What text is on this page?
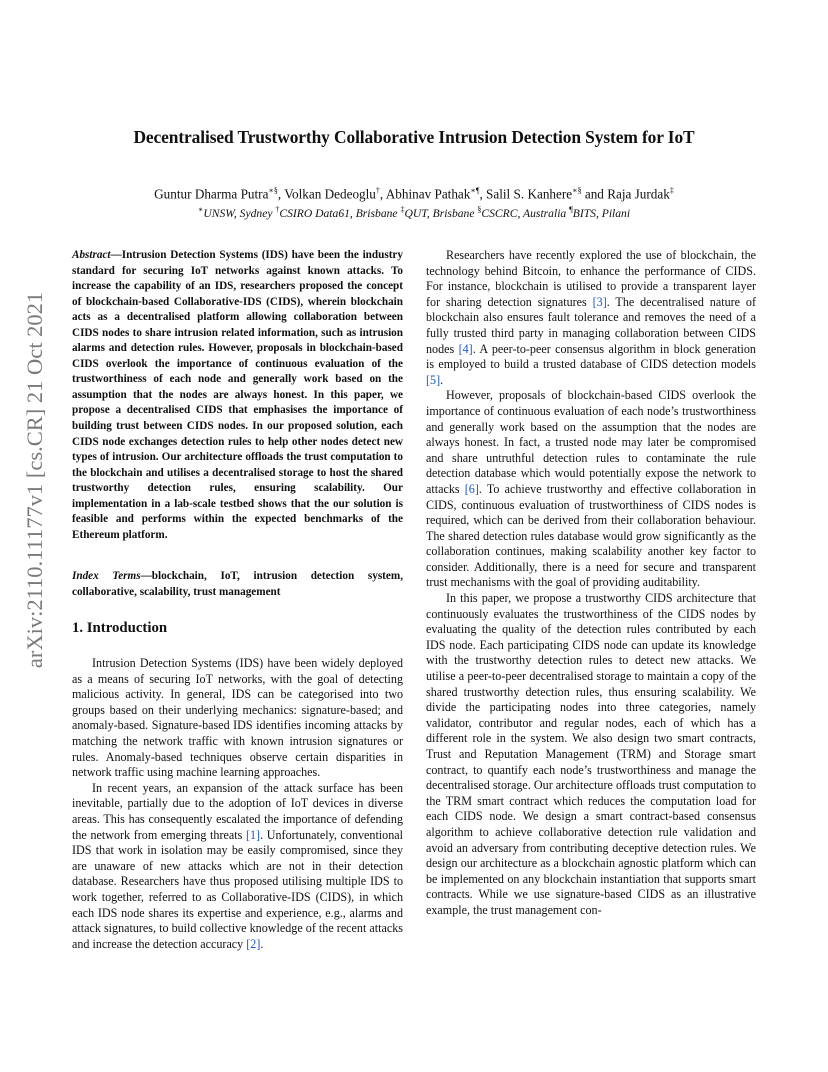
arXiv:2110.11177v1 [cs.CR] 21 Oct 2021
Decentralised Trustworthy Collaborative Intrusion Detection System for IoT
Guntur Dharma Putra∗§, Volkan Dedeoglu†, Abhinav Pathak∗¶, Salil S. Kanhere∗§ and Raja Jurdak‡
∗UNSW, Sydney †CSIRO Data61, Brisbane ‡QUT, Brisbane §CSCRC, Australia ¶BITS, Pilani
Abstract—Intrusion Detection Systems (IDS) have been the industry standard for securing IoT networks against known attacks. To increase the capability of an IDS, researchers proposed the concept of blockchain-based Collaborative-IDS (CIDS), wherein blockchain acts as a decentralised platform allowing collaboration between CIDS nodes to share intrusion related information, such as intrusion alarms and detection rules. However, proposals in blockchain-based CIDS overlook the importance of continuous evaluation of the trustworthiness of each node and generally work based on the assumption that the nodes are always honest. In this paper, we propose a decentralised CIDS that emphasises the importance of building trust between CIDS nodes. In our proposed solution, each CIDS node exchanges detection rules to help other nodes detect new types of intrusion. Our architecture offloads the trust computation to the blockchain and utilises a decentralised storage to host the shared trustworthy detection rules, ensuring scalability. Our implementation in a lab-scale testbed shows that the our solution is feasible and performs within the expected benchmarks of the Ethereum platform.
Index Terms—blockchain, IoT, intrusion detection system, collaborative, scalability, trust management
1. Introduction

Intrusion Detection Systems (IDS) have been widely deployed as a means of securing IoT networks, with the goal of detecting malicious activity. In general, IDS can be categorised into two groups based on their underlying mechanics: signature-based; and anomaly-based. Signature-based IDS identifies incoming attacks by matching the network traffic with known intrusion signatures or rules. Anomaly-based techniques observe certain disparities in network traffic using machine learning approaches.

In recent years, an expansion of the attack surface has been inevitable, partially due to the adoption of IoT devices in diverse areas. This has consequently escalated the importance of defending the network from emerging threats [1]. Unfortunately, conventional IDS that work in isolation may be easily compromised, since they are unaware of new attacks which are not in their detection database. Researchers have thus proposed utilising multiple IDS to work together, referred to as Collaborative-IDS (CIDS), in which each IDS node shares its expertise and experience, e.g., alarms and attack signatures, to build collective knowledge of the recent attacks and increase the detection accuracy [2].

Researchers have recently explored the use of blockchain, the technology behind Bitcoin, to enhance the performance of CIDS. For instance, blockchain is utilised to provide a transparent layer for sharing detection signatures [3]. The decentralised nature of blockchain also ensures fault tolerance and removes the need of a fully trusted third party in managing collaboration between CIDS nodes [4]. A peer-to-peer consensus algorithm in block generation is employed to build a trusted database of CIDS detection models [5].

However, proposals of blockchain-based CIDS overlook the importance of continuous evaluation of each node’s trustworthiness and generally work based on the assumption that the nodes are always honest. In fact, a trusted node may later be compromised and share untruthful detection rules to contaminate the rule detection database which would potentially expose the network to attacks [6]. To achieve trustworthy and effective collaboration in CIDS, continuous evaluation of trustworthiness of CIDS nodes is required, which can be derived from their collaboration behaviour. The shared detection rules database would grow significantly as the collaboration continues, making scalability another key factor to consider. Additionally, there is a need for secure and transparent trust mechanisms with the goal of providing auditability.

In this paper, we propose a trustworthy CIDS architecture that continuously evaluates the trustworthiness of the CIDS nodes by evaluating the quality of the detection rules contributed by each IDS node. Each participating CIDS node can update its knowledge with the trustworthy detection rules to detect new attacks. We utilise a peer-to-peer decentralised storage to maintain a copy of the shared trustworthy detection rules, thus ensuring scalability. We divide the participating nodes into three categories, namely validator, contributor and regular nodes, each of which has a different role in the system. We also design two smart contracts, Trust and Reputation Management (TRM) and Storage smart contract, to quantify each node’s trustworthiness and manage the decentralised storage. Our architecture offloads trust computation to the TRM smart contract which reduces the computation load for each CIDS node. We design a smart contract-based consensus algorithm to achieve collaborative detection rule validation and avoid an adversary from contributing deceptive detection rules. We design our architecture as a blockchain agnostic platform which can be implemented on any blockchain instantiation that supports smart contracts. While we use signature-based CIDS as an illustrative example, the trust management con-
